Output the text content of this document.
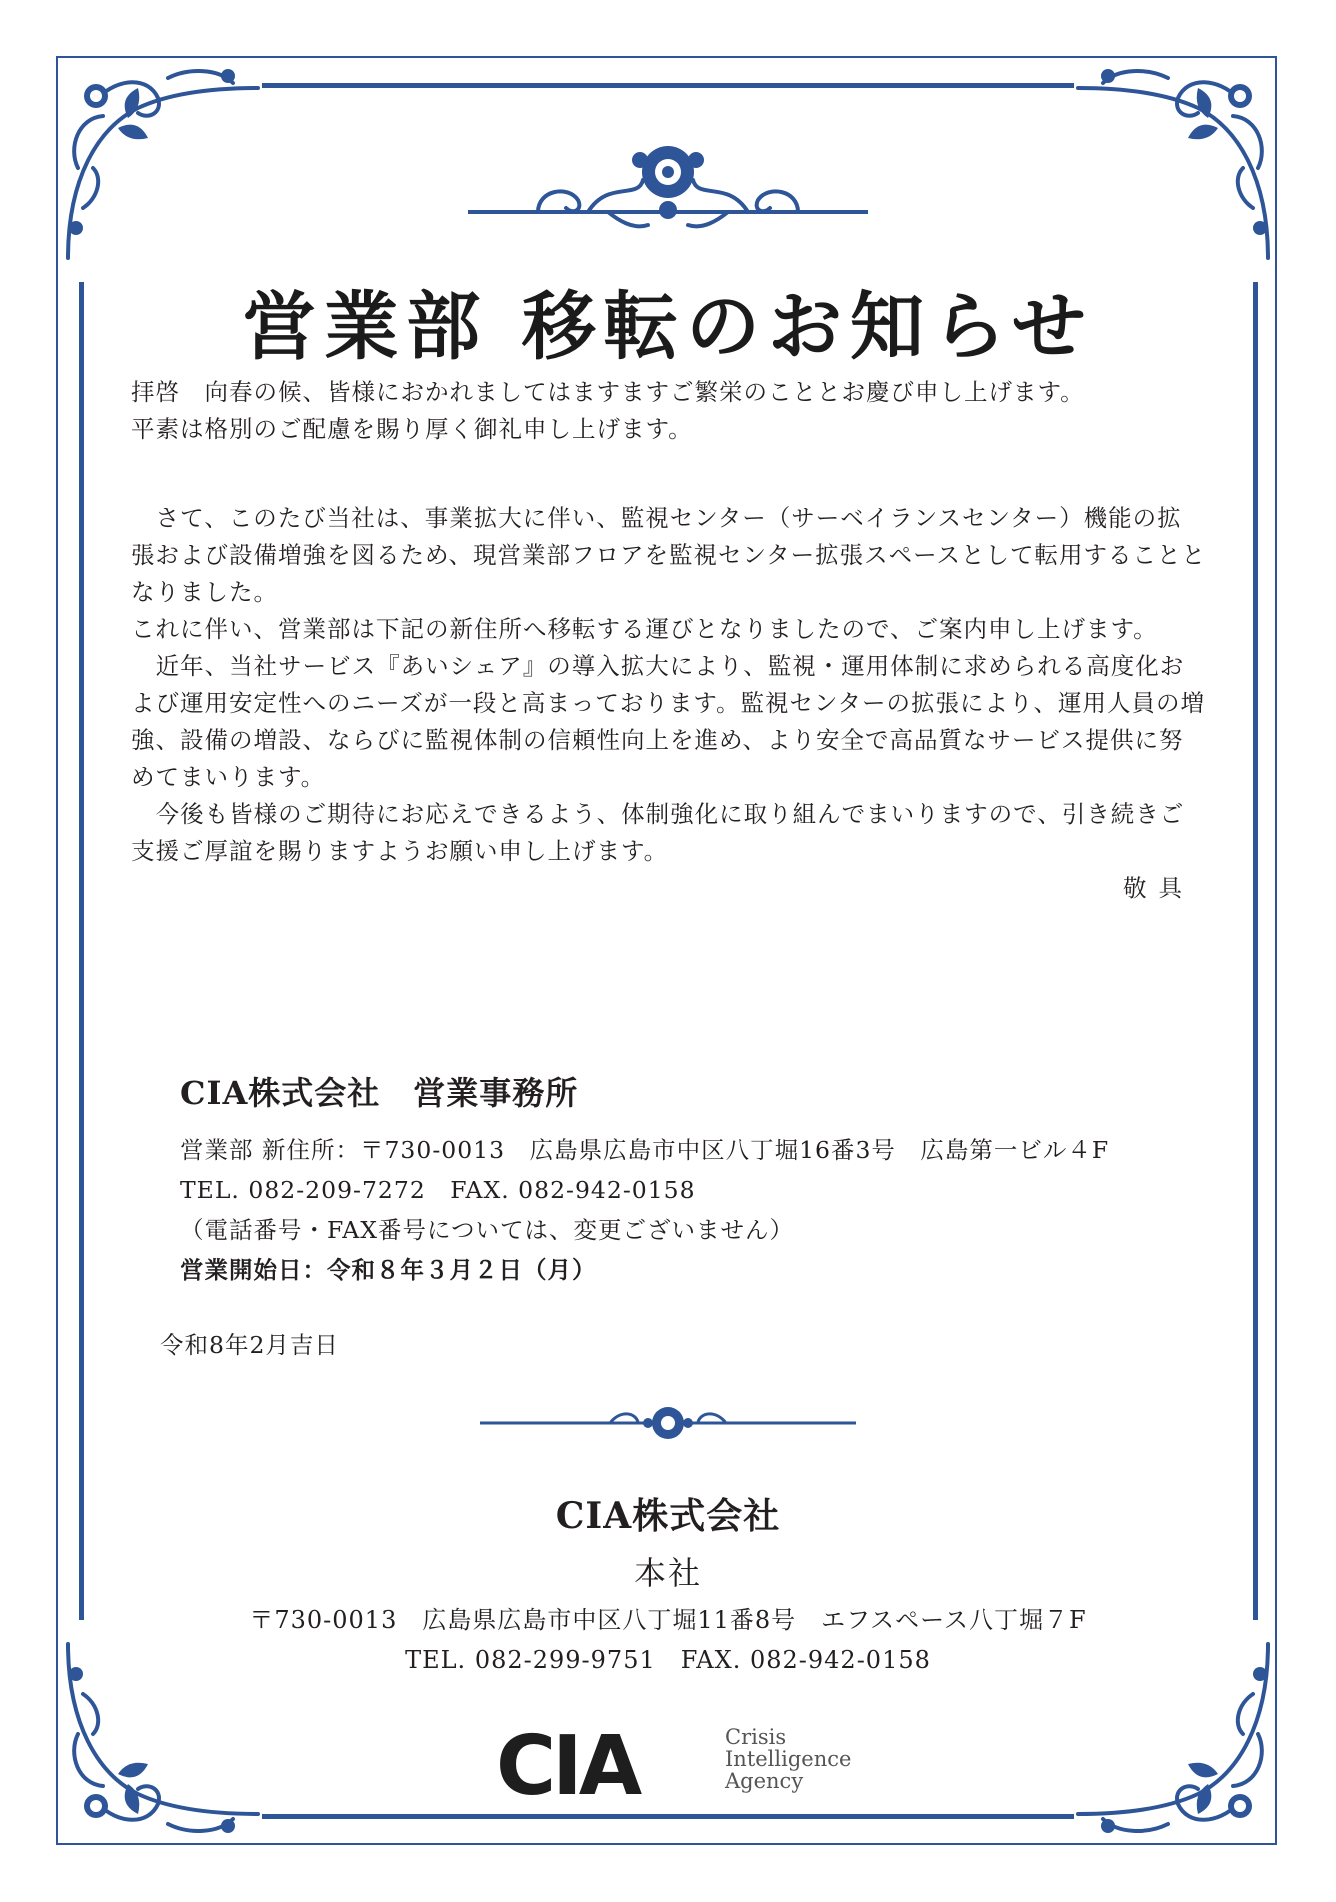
営業部 移転のお知らせ

拝啓　向春の候、皆様におかれましてはますますご繁栄のこととお慶び申し上げます。

平素は格別のご配慮を賜り厚く御礼申し上げます。

さて、このたび当社は、事業拡大に伴い、監視センター（サーベイランスセンター）機能の拡張および設備増強を図るため、現営業部フロアを監視センター拡張スペースとして転用することとなりました。

これに伴い、営業部は下記の新住所へ移転する運びとなりましたので、ご案内申し上げます。

近年、当社サービス『あいシェア』の導入拡大により、監視・運用体制に求められる高度化および運用安定性へのニーズが一段と高まっております。監視センターの拡張により、運用人員の増強、設備の増設、ならびに監視体制の信頼性向上を進め、より安全で高品質なサービス提供に努めてまいります。

今後も皆様のご期待にお応えできるよう、体制強化に取り組んでまいりますので、引き続きご支援ご厚誼を賜りますようお願い申し上げます。

敬具

CIA株式会社　営業事務所
営業部 新住所：〒730-0013　広島県広島市中区八丁堀16番3号　広島第一ビル４F
TEL. 082-209-7272　FAX. 082-942-0158
（電話番号・FAX番号については、変更ございません）
営業開始日：令和８年３月２日（月）
令和8年2月吉日
CIA株式会社
本社
〒730-0013　広島県広島市中区八丁堀11番8号　エフスペース八丁堀７F
TEL. 082-299-9751　FAX. 082-942-0158
CIA	Crisis
Intelligence
Agency
